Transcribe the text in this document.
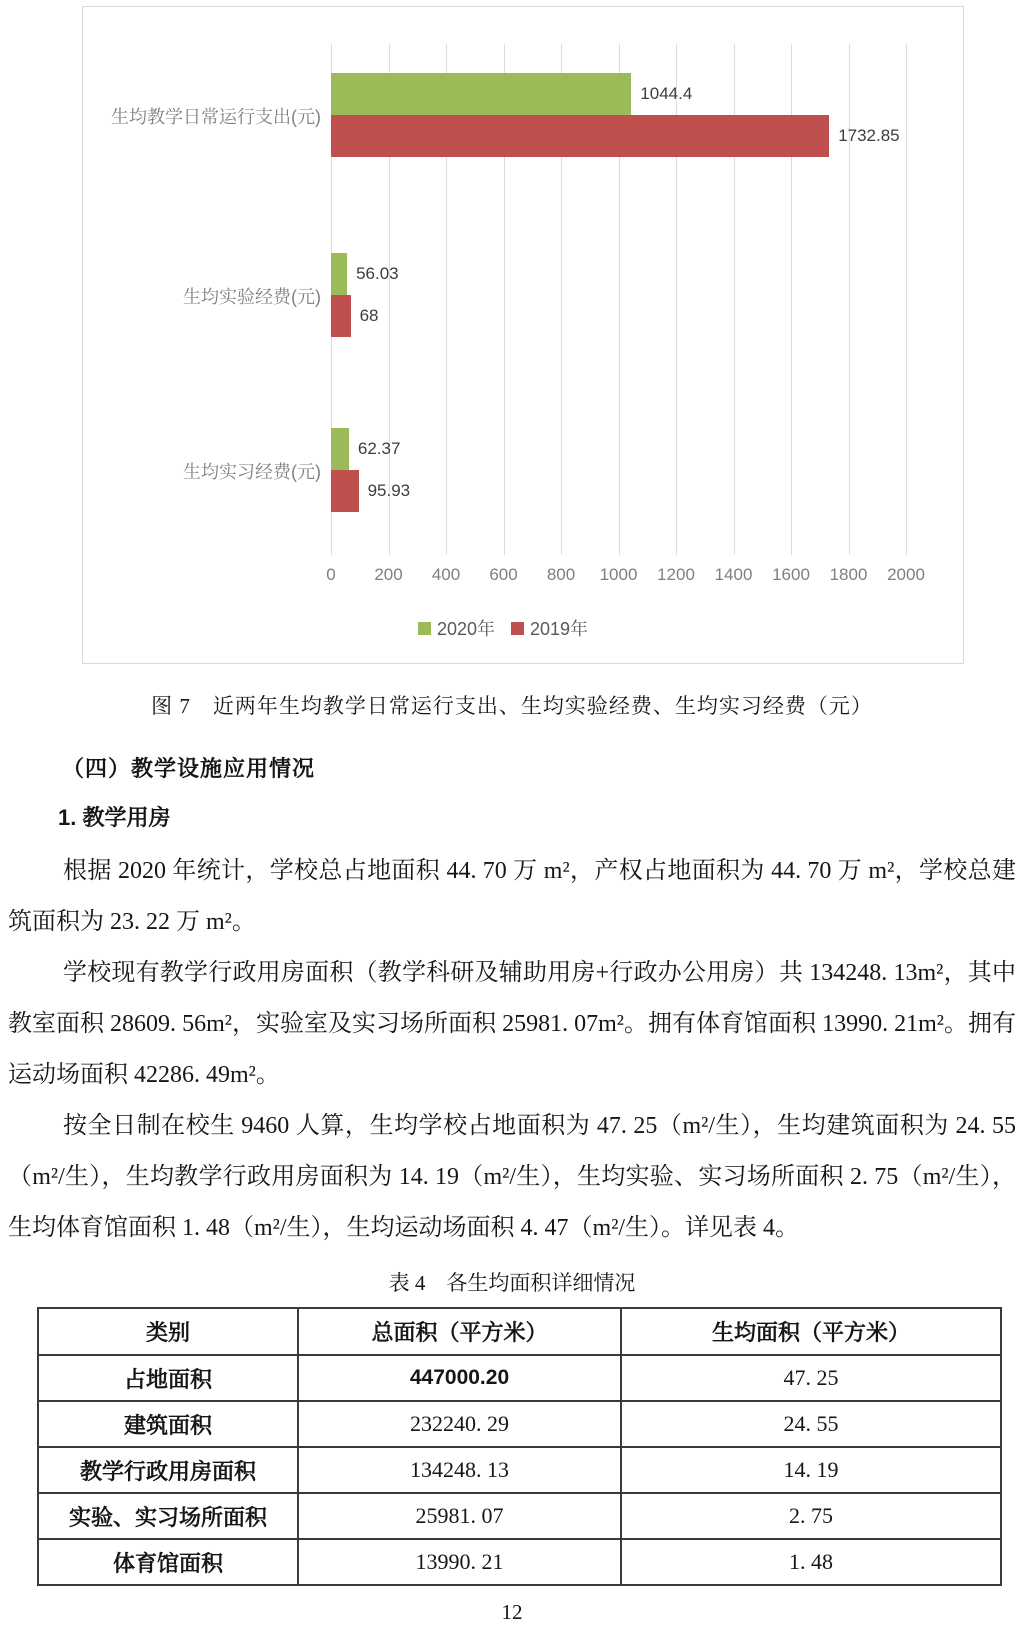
0	200	400	600	800	1000	1200	1400	1600	1800	2000
1044.4
56.03
62.37
1732.85
68
95.93
生均教学日常运行支出(元)
生均实验经费(元)
生均实习经费(元)
2020年 2019年
图 7　近两年生均教学日常运行支出、生均实验经费、生均实习经费（元）
（四）教学设施应用情况
1. 教学用房

根据 2020 年统计，学校总占地面积 44. 70 万 m²，产权占地面积为 44. 70 万 m²，学校总建筑面积为 23. 22 万 m²。

学校现有教学行政用房面积（教学科研及辅助用房+行政办公用房）共 134248. 13m²，其中教室面积 28609. 56m²，实验室及实习场所面积 25981. 07m²。拥有体育馆面积 13990. 21m²。拥有运动场面积 42286. 49m²。

按全日制在校生 9460 人算，生均学校占地面积为 47. 25（m²/生），生均建筑面积为 24. 55（m²/生），生均教学行政用房面积为 14. 19（m²/生），生均实验、实习场所面积 2. 75（m²/生），生均体育馆面积 1. 48（m²/生），生均运动场面积 4. 47（m²/生）。详见表 4。

表 4　各生均面积详细情况
类别	总面积（平方米）	生均面积（平方米）
占地面积	447000.20	47. 25
建筑面积	232240. 29	24. 55
教学行政用房面积	134248. 13	14. 19
实验、实习场所面积	25981. 07	2. 75
体育馆面积	13990. 21	1. 48
12
